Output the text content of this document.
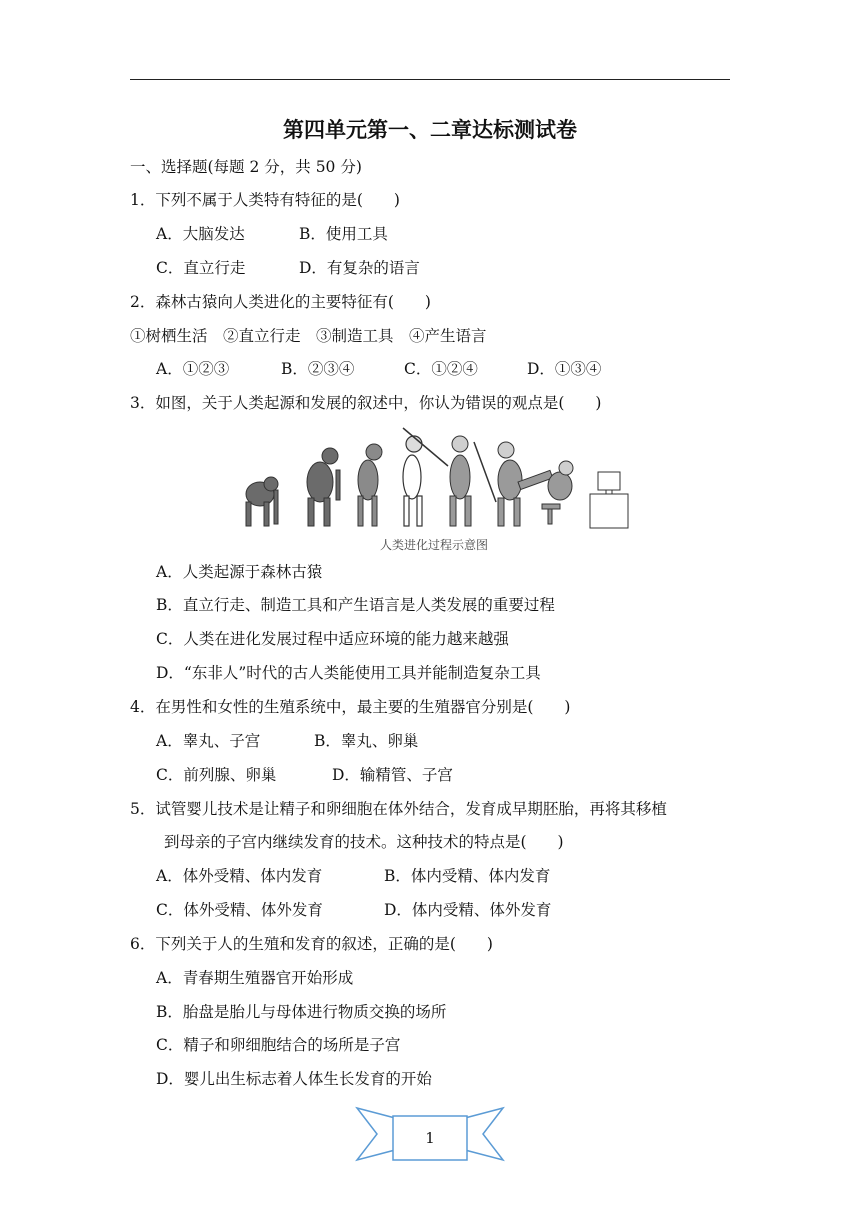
第四单元第一、二章达标测试卷
一、选择题(每题 2 分，共 50 分)
1．下列不属于人类特有特征的是(　　)
A．大脑发达	B．使用工具
C．直立行走	D．有复杂的语言
2．森林古猿向人类进化的主要特征有(　　)
①树栖生活　②直立行走　③制造工具　④产生语言
A．①②③	B．②③④	C．①②④	D．①③④
3．如图，关于人类起源和发展的叙述中，你认为错误的观点是(　　)
人类进化过程示意图
A．人类起源于森林古猿
B．直立行走、制造工具和产生语言是人类发展的重要过程
C．人类在进化发展过程中适应环境的能力越来越强
D．“东非人”时代的古人类能使用工具并能制造复杂工具
4．在男性和女性的生殖系统中，最主要的生殖器官分别是(　　)
A．睾丸、子宫	B．睾丸、卵巢
C．前列腺、卵巢	D．输精管、子宫
5．试管婴儿技术是让精子和卵细胞在体外结合，发育成早期胚胎，再将其移植
到母亲的子宫内继续发育的技术。这种技术的特点是(　　)
A．体外受精、体内发育	B．体内受精、体内发育
C．体外受精、体外发育	D．体内受精、体外发育
6．下列关于人的生殖和发育的叙述，正确的是(　　)
A．青春期生殖器官开始形成
B．胎盘是胎儿与母体进行物质交换的场所
C．精子和卵细胞结合的场所是子宫
D．婴儿出生标志着人体生长发育的开始
1
